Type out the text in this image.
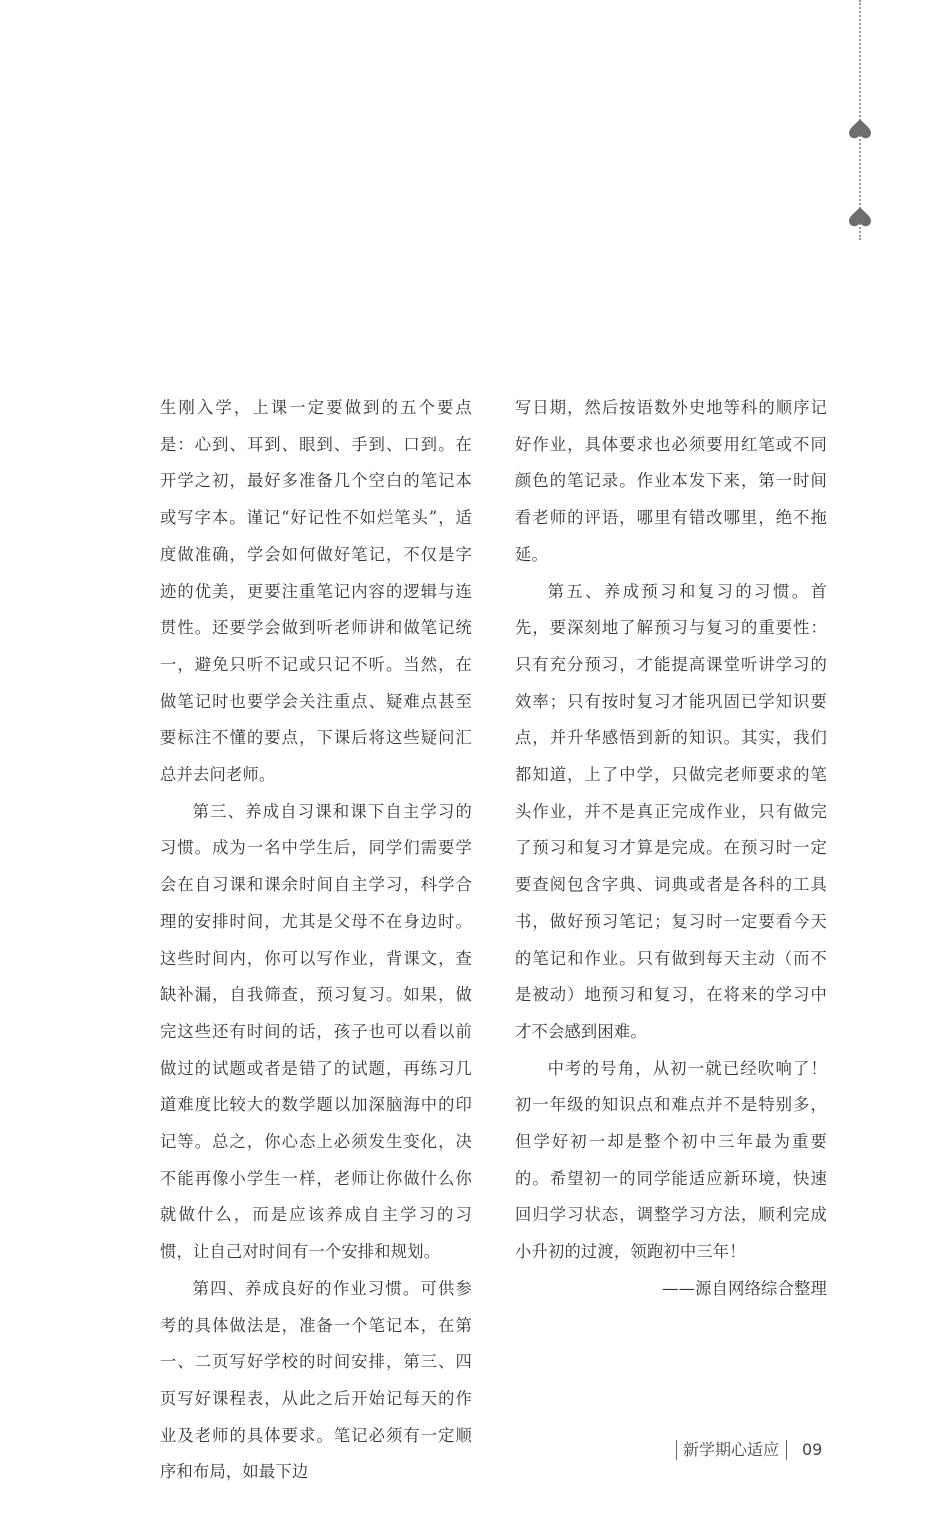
生刚入学，上课一定要做到的五个要点是：心到、耳到、眼到、手到、口到。在开学之初，最好多准备几个空白的笔记本或写字本。谨记“好记性不如烂笔头”，适度做准确，学会如何做好笔记，不仅是字迹的优美，更要注重笔记内容的逻辑与连贯性。还要学会做到听老师讲和做笔记统一，避免只听不记或只记不听。当然，在做笔记时也要学会关注重点、疑难点甚至要标注不懂的要点，下课后将这些疑问汇总并去问老师。

第三、养成自习课和课下自主学习的习惯。成为一名中学生后，同学们需要学会在自习课和课余时间自主学习，科学合理的安排时间，尤其是父母不在身边时。这些时间内，你可以写作业，背课文，查缺补漏，自我筛查，预习复习。如果，做完这些还有时间的话，孩子也可以看以前做过的试题或者是错了的试题，再练习几道难度比较大的数学题以加深脑海中的印记等。总之，你心态上必须发生变化，决不能再像小学生一样，老师让你做什么你就做什么，而是应该养成自主学习的习惯，让自己对时间有一个安排和规划。

第四、养成良好的作业习惯。可供参考的具体做法是，准备一个笔记本，在第一、二页写好学校的时间安排，第三、四页写好课程表，从此之后开始记每天的作业及老师的具体要求。笔记必须有一定顺序和布局，如最下边

写日期，然后按语数外史地等科的顺序记好作业，具体要求也必须要用红笔或不同颜色的笔记录。作业本发下来，第一时间看老师的评语，哪里有错改哪里，绝不拖延。

第五、养成预习和复习的习惯。首先，要深刻地了解预习与复习的重要性：只有充分预习，才能提高课堂听讲学习的效率；只有按时复习才能巩固已学知识要点，并升华感悟到新的知识。其实，我们都知道，上了中学，只做完老师要求的笔头作业，并不是真正完成作业，只有做完了预习和复习才算是完成。在预习时一定要查阅包含字典、词典或者是各科的工具书，做好预习笔记；复习时一定要看今天的笔记和作业。只有做到每天主动（而不是被动）地预习和复习，在将来的学习中才不会感到困难。

中考的号角，从初一就已经吹响了！初一年级的知识点和难点并不是特别多，但学好初一却是整个初中三年最为重要的。希望初一的同学能适应新环境，快速回归学习状态，调整学习方法，顺利完成小升初的过渡，领跑初中三年！

——源自网络综合整理

新学期心适应 09
